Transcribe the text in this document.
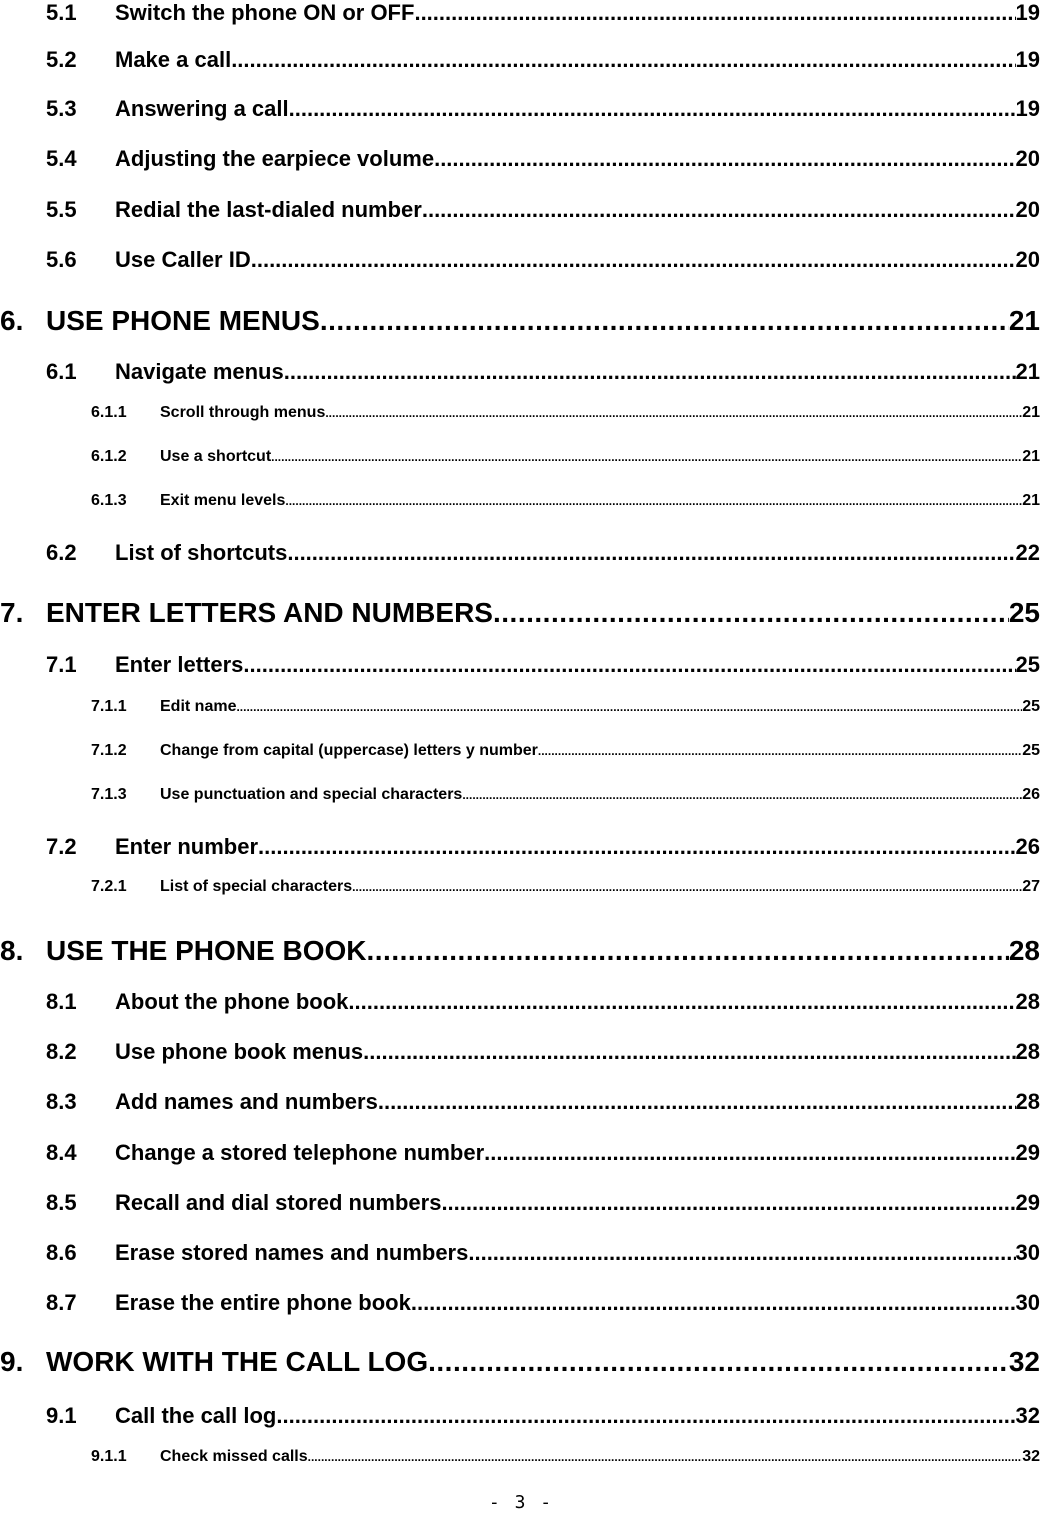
5.1	Switch the phone ON or OFF .....	19
5.2	Make a call .....	19
5.3	Answering a call .....	19
5.4	Adjusting the earpiece volume .....	20
5.5	Redial the last-dialed number .....	20
5.6	Use Caller ID .....	20
6. USE PHONE MENUS .....	21
6.1	Navigate menus .....	21
6.1.1	Scroll through menus .....	21
6.1.2	Use a shortcut .....	21
6.1.3	Exit menu levels .....	21
6.2	List of shortcuts .....	22
7. ENTER LETTERS AND NUMBERS .....	25
7.1	Enter letters .....	25
7.1.1	Edit name .....	25
7.1.2	Change from capital (uppercase) letters y number .....	25
7.1.3	Use punctuation and special characters .....	26
7.2	Enter number .....	26
7.2.1	List of special characters .....	27
8. USE THE PHONE BOOK .....	28
8.1	About the phone book .....	28
8.2	Use phone book menus .....	28
8.3	Add names and numbers .....	28
8.4	Change a stored telephone number .....	29
8.5	Recall and dial stored numbers .....	29
8.6	Erase stored names and numbers .....	30
8.7	Erase the entire phone book .....	30
9. WORK WITH THE CALL LOG .....	32
9.1	Call the call log .....	32
9.1.1	Check missed calls .....	32
- 3 -
